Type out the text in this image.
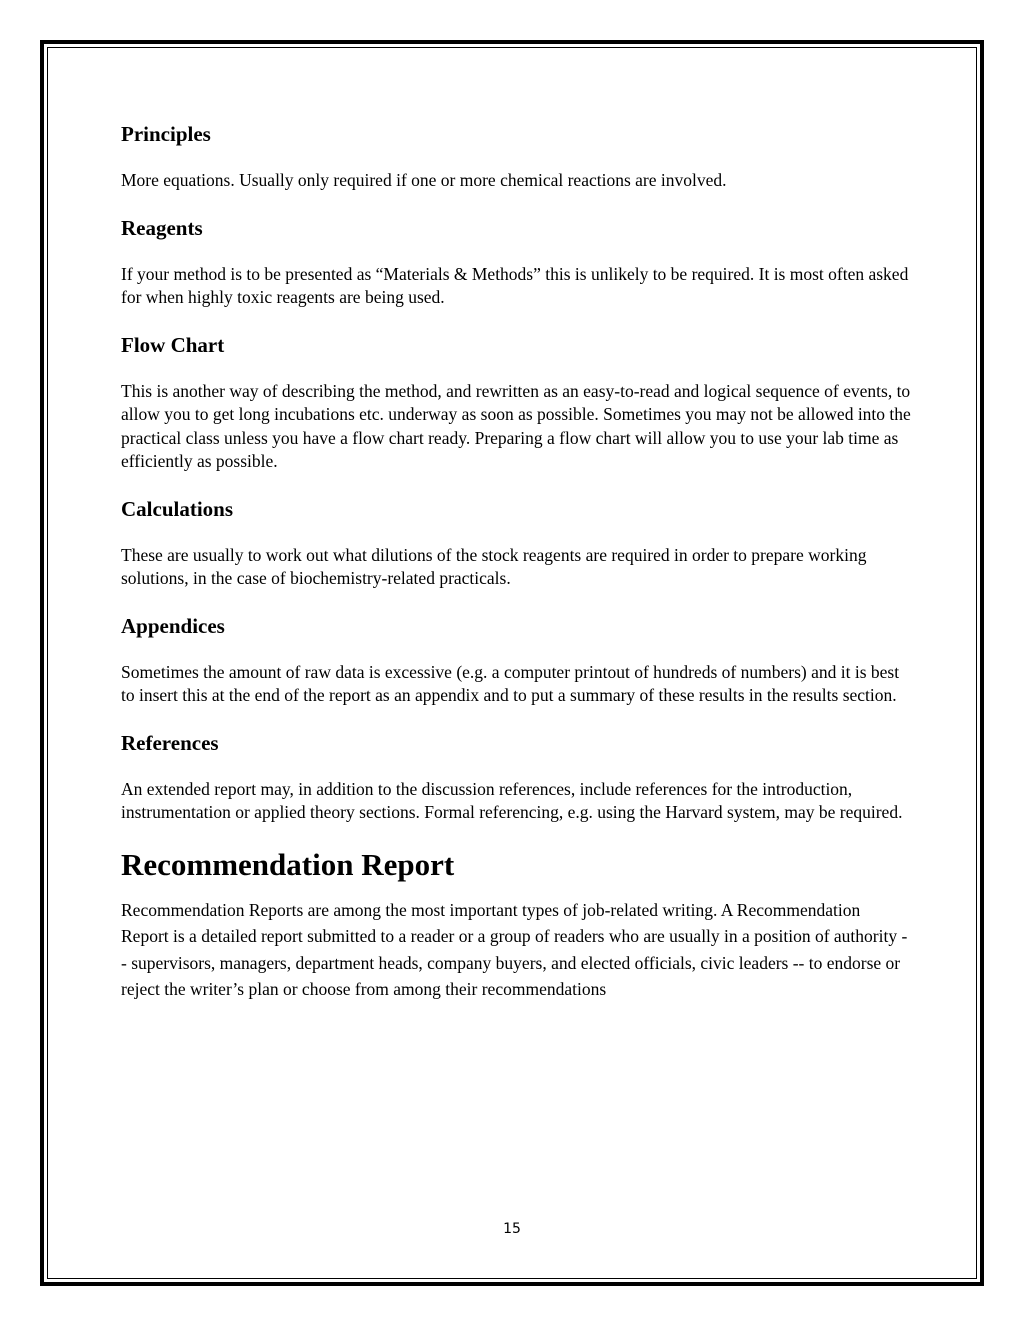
Principles
More equations. Usually only required if one or more chemical reactions are involved.
Reagents
If your method is to be presented as “Materials & Methods” this is unlikely to be required. It is most often asked for when highly toxic reagents are being used.
Flow Chart
This is another way of describing the method, and rewritten as an easy-to-read and logical sequence of events, to allow you to get long incubations etc. underway as soon as possible. Sometimes you may not be allowed into the practical class unless you have a flow chart ready. Preparing a flow chart will allow you to use your lab time as efficiently as possible.
Calculations
These are usually to work out what dilutions of the stock reagents are required in order to prepare working solutions, in the case of biochemistry-related practicals.
Appendices
Sometimes the amount of raw data is excessive (e.g. a computer printout of hundreds of numbers) and it is best to insert this at the end of the report as an appendix and to put a summary of these results in the results section.
References
An extended report may, in addition to the discussion references, include references for the introduction, instrumentation or applied theory sections. Formal referencing, e.g. using the Harvard system, may be required.
Recommendation Report
Recommendation Reports are among the most important types of job-related writing. A Recommendation Report is a detailed report submitted to a reader or a group of readers who are usually in a position of authority -- supervisors, managers, department heads, company buyers, and elected officials, civic leaders -- to endorse or reject the writer’s plan or choose from among their recommendations
15
